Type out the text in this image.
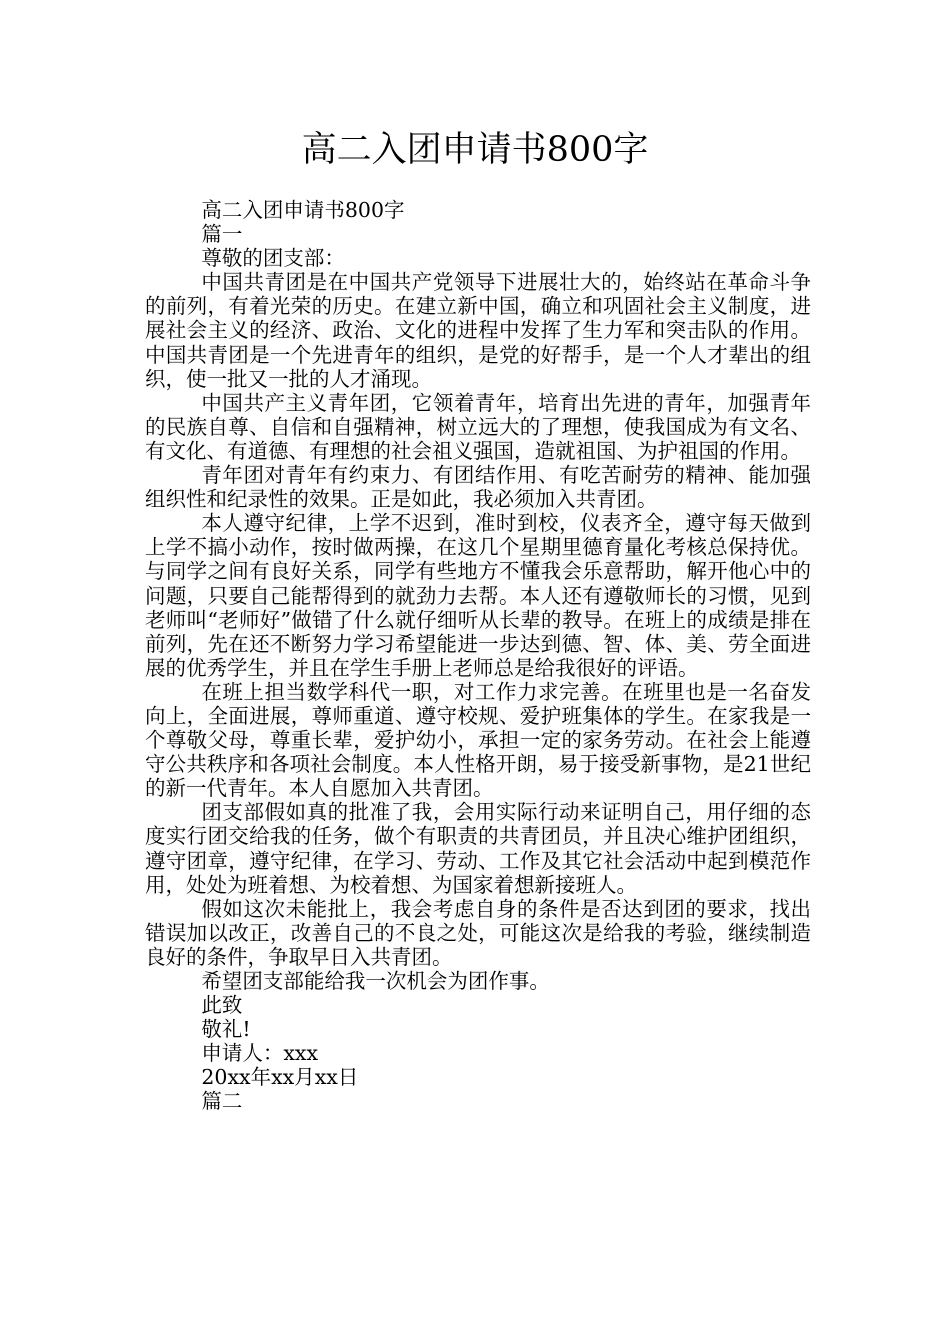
高二入团申请书800字

高二入团申请书800字

篇一

尊敬的团支部：

中国共青团是在中国共产党领导下进展壮大的，始终站在革命斗争的前列，有着光荣的历史。在建立新中国，确立和巩固社会主义制度，进展社会主义的经济、政治、文化的进程中发挥了生力军和突击队的作用。中国共青团是一个先进青年的组织，是党的好帮手，是一个人才辈出的组织，使一批又一批的人才涌现。

中国共产主义青年团，它领着青年，培育出先进的青年，加强青年的民族自尊、自信和自强精神，树立远大的了理想，使我国成为有文名、有文化、有道德、有理想的社会祖义强国，造就祖国、为护祖国的作用。

青年团对青年有约束力、有团结作用、有吃苦耐劳的精神、能加强组织性和纪录性的效果。正是如此，我必须加入共青团。

本人遵守纪律，上学不迟到，准时到校，仪表齐全，遵守每天做到上学不搞小动作，按时做两操，在这几个星期里德育量化考核总保持优。与同学之间有良好关系，同学有些地方不懂我会乐意帮助，解开他心中的问题，只要自己能帮得到的就劲力去帮。本人还有遵敬师长的习惯，见到老师叫“老师好”做错了什么就仔细听从长辈的教导。在班上的成绩是排在前列，先在还不断努力学习希望能进一步达到德、智、体、美、劳全面进展的优秀学生，并且在学生手册上老师总是给我很好的评语。

在班上担当数学科代一职，对工作力求完善。在班里也是一名奋发向上，全面进展，尊师重道、遵守校规、爱护班集体的学生。在家我是一个尊敬父母，尊重长辈，爱护幼小，承担一定的家务劳动。在社会上能遵守公共秩序和各项社会制度。本人性格开朗，易于接受新事物，是21世纪的新一代青年。本人自愿加入共青团。

团支部假如真的批准了我，会用实际行动来证明自己，用仔细的态度实行团交给我的任务，做个有职责的共青团员，并且决心维护团组织，遵守团章，遵守纪律，在学习、劳动、工作及其它社会活动中起到模范作用，处处为班着想、为校着想、为国家着想新接班人。

假如这次未能批上，我会考虑自身的条件是否达到团的要求，找出错误加以改正，改善自己的不良之处，可能这次是给我的考验，继续制造良好的条件，争取早日入共青团。

希望团支部能给我一次机会为团作事。

此致

敬礼!

申请人：xxx

20xx年xx月xx日

篇二
